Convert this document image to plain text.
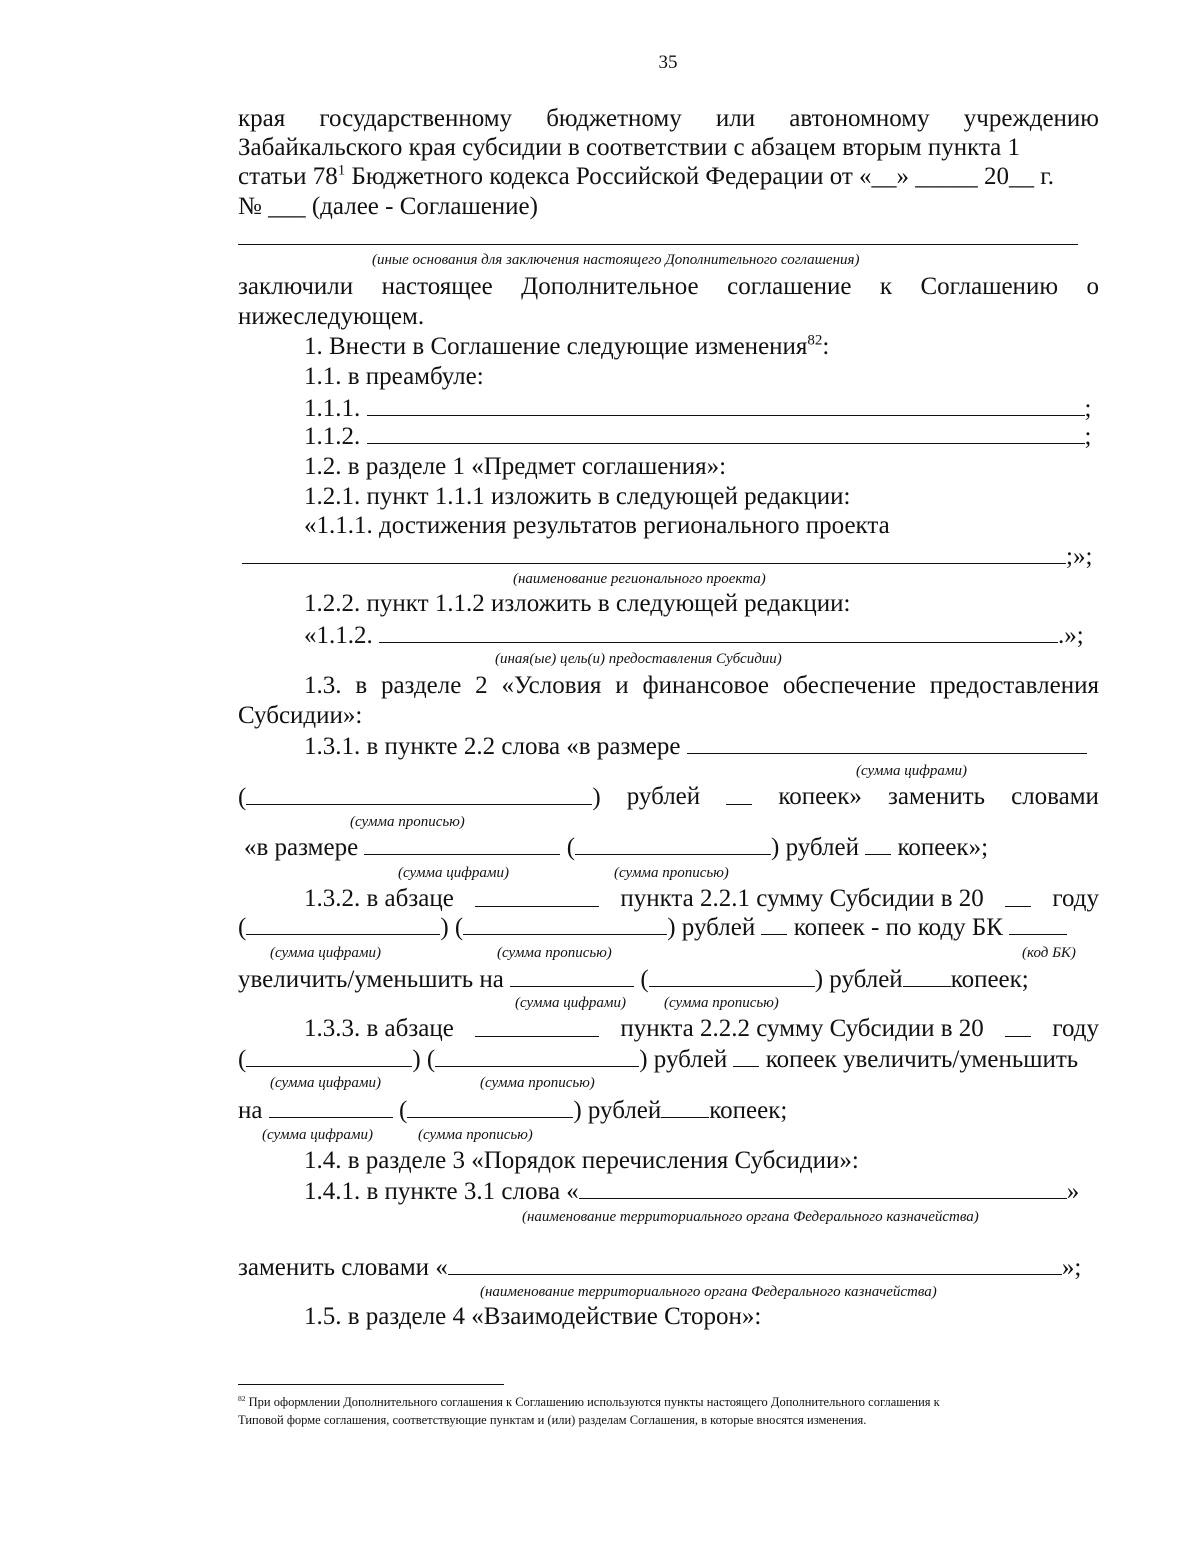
35
края государственному бюджетному или автономному учреждению
Забайкальского края субсидии в соответствии с абзацем вторым пункта 1
статьи $78^1$ Бюджетного кодекса Российской Федерации от «__» _____ 20__ г.
№ ___ (далее - Соглашение)
(иные основания для заключения настоящего Дополнительного соглашения)
заключили настоящее Дополнительное соглашение к Соглашению о
нижеследующем.
1. Внести в Соглашение следующие изменения$^{82}$:
1.1. в преамбуле:
1.1.1.	;
1.1.2.	;
1.2. в разделе 1 «Предмет соглашения»:
1.2.1. пункт 1.1.1 изложить в следующей редакции:
«1.1.1. достижения результатов регионального проекта
;»;
(наименование регионального проекта)
1.2.2. пункт 1.1.2 изложить в следующей редакции:
«1.1.2.	.»;
(иная(ые) цель(и) предоставления Субсидии)
1.3. в разделе 2 «Условия и финансовое обеспечение предоставления
Субсидии»:
1.3.1. в пункте 2.2 слова «в размере
(сумма цифрами)
(	) рублей	копеек» заменить словами
(сумма прописью)
«в размере	(	) рублей копеек»;
(сумма цифрами)	(сумма прописью)
1.3.2. в абзаце	пункта 2.2.1 сумму Субсидии в 20	году
(	) (	) рублей копеек - по коду БК
(сумма цифрами)	(сумма прописью)	(код БК)
увеличить/уменьшить на	(	) рублей копеек;
(сумма цифрами)	(сумма прописью)
1.3.3. в абзаце	пункта 2.2.2 сумму Субсидии в 20	году
(	) (	) рублей копеек увеличить/уменьшить
(сумма цифрами)	(сумма прописью)
на	(	) рублей копеек;
(сумма цифрами)	(сумма прописью)
1.4. в разделе 3 «Порядок перечисления Субсидии»:
1.4.1. в пункте 3.1 слова «	»
(наименование территориального органа Федерального казначейства)
заменить словами «	»;
(наименование территориального органа Федерального казначейства)
1.5. в разделе 4 «Взаимодействие Сторон»:
$^{82}$ При оформлении Дополнительного соглашения к Соглашению используются пункты настоящего Дополнительного соглашения к
Типовой форме соглашения, соответствующие пунктам и (или) разделам Соглашения, в которые вносятся изменения.
